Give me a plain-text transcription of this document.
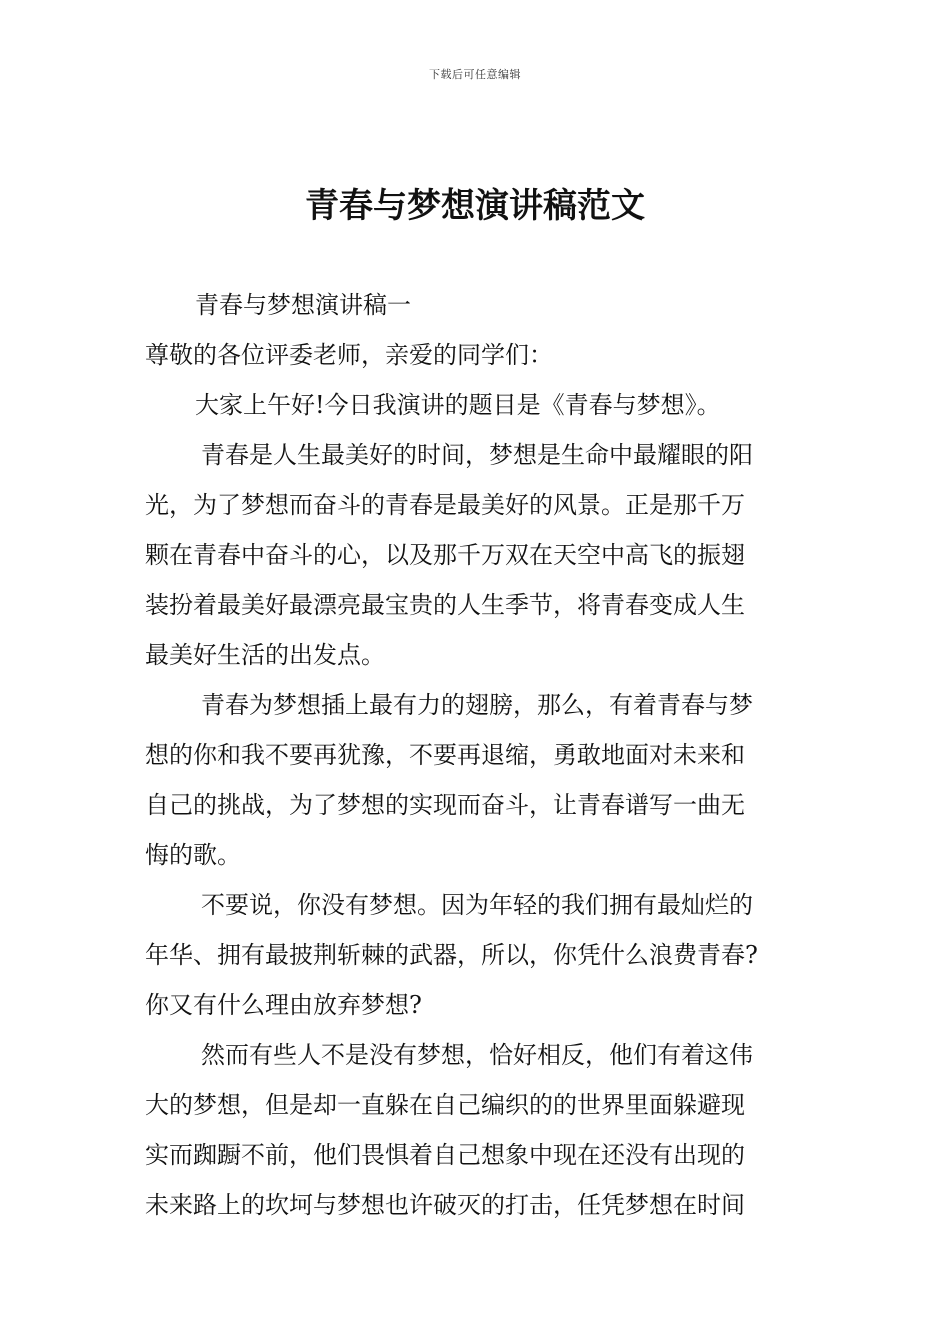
下载后可任意编辑
青春与梦想演讲稿范文
青春与梦想演讲稿一
尊敬的各位评委老师，亲爱的同学们：
大家上午好!今日我演讲的题目是《青春与梦想》。
青春是人生最美好的时间，梦想是生命中最耀眼的阳
光，为了梦想而奋斗的青春是最美好的风景。正是那千万
颗在青春中奋斗的心，以及那千万双在天空中高飞的振翅
装扮着最美好最漂亮最宝贵的人生季节，将青春变成人生
最美好生活的出发点。
青春为梦想插上最有力的翅膀，那么，有着青春与梦
想的你和我不要再犹豫，不要再退缩，勇敢地面对未来和
自己的挑战，为了梦想的实现而奋斗，让青春谱写一曲无
悔的歌。
不要说，你没有梦想。因为年轻的我们拥有最灿烂的
年华、拥有最披荆斩棘的武器，所以，你凭什么浪费青春?
你又有什么理由放弃梦想?
然而有些人不是没有梦想，恰好相反，他们有着这伟
大的梦想，但是却一直躲在自己编织的的世界里面躲避现
实而踟蹰不前，他们畏惧着自己想象中现在还没有出现的
未来路上的坎坷与梦想也许破灭的打击，任凭梦想在时间
